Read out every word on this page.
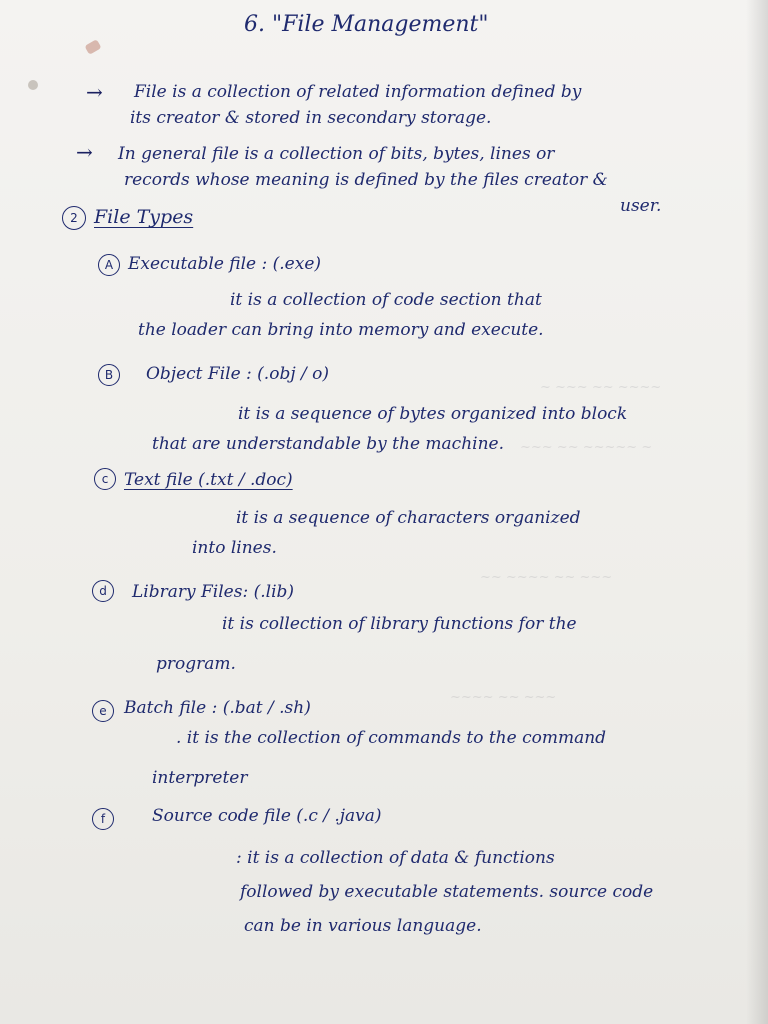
~ ~~~ ~~ ~~~~
~~~ ~~ ~~~~~ ~
~~ ~~~~ ~~ ~~~
~~~~ ~~ ~~~
6. "File Management"
→ File is a collection of related information defined by
its creator & stored in secondary storage.
→ In general file is a collection of bits, bytes, lines or
records whose meaning is defined by the files creator &
user.
2 File Types
A Executable file : (.exe)
it is a collection of code section that
the loader can bring into memory and execute.
B	Object File : (.obj / o)
it is a sequence of bytes organized into block
that are understandable by the machine.
c Text file (.txt / .doc)
it is a sequence of characters organized
into lines.
d	Library Files: (.lib)
it is collection of library functions for the
program.
e	Batch file : (.bat / .sh)
. it is the collection of commands to the command
interpreter
f	Source code file (.c / .java)
: it is a collection of data & functions
followed by executable statements. source code
can be in various language.
